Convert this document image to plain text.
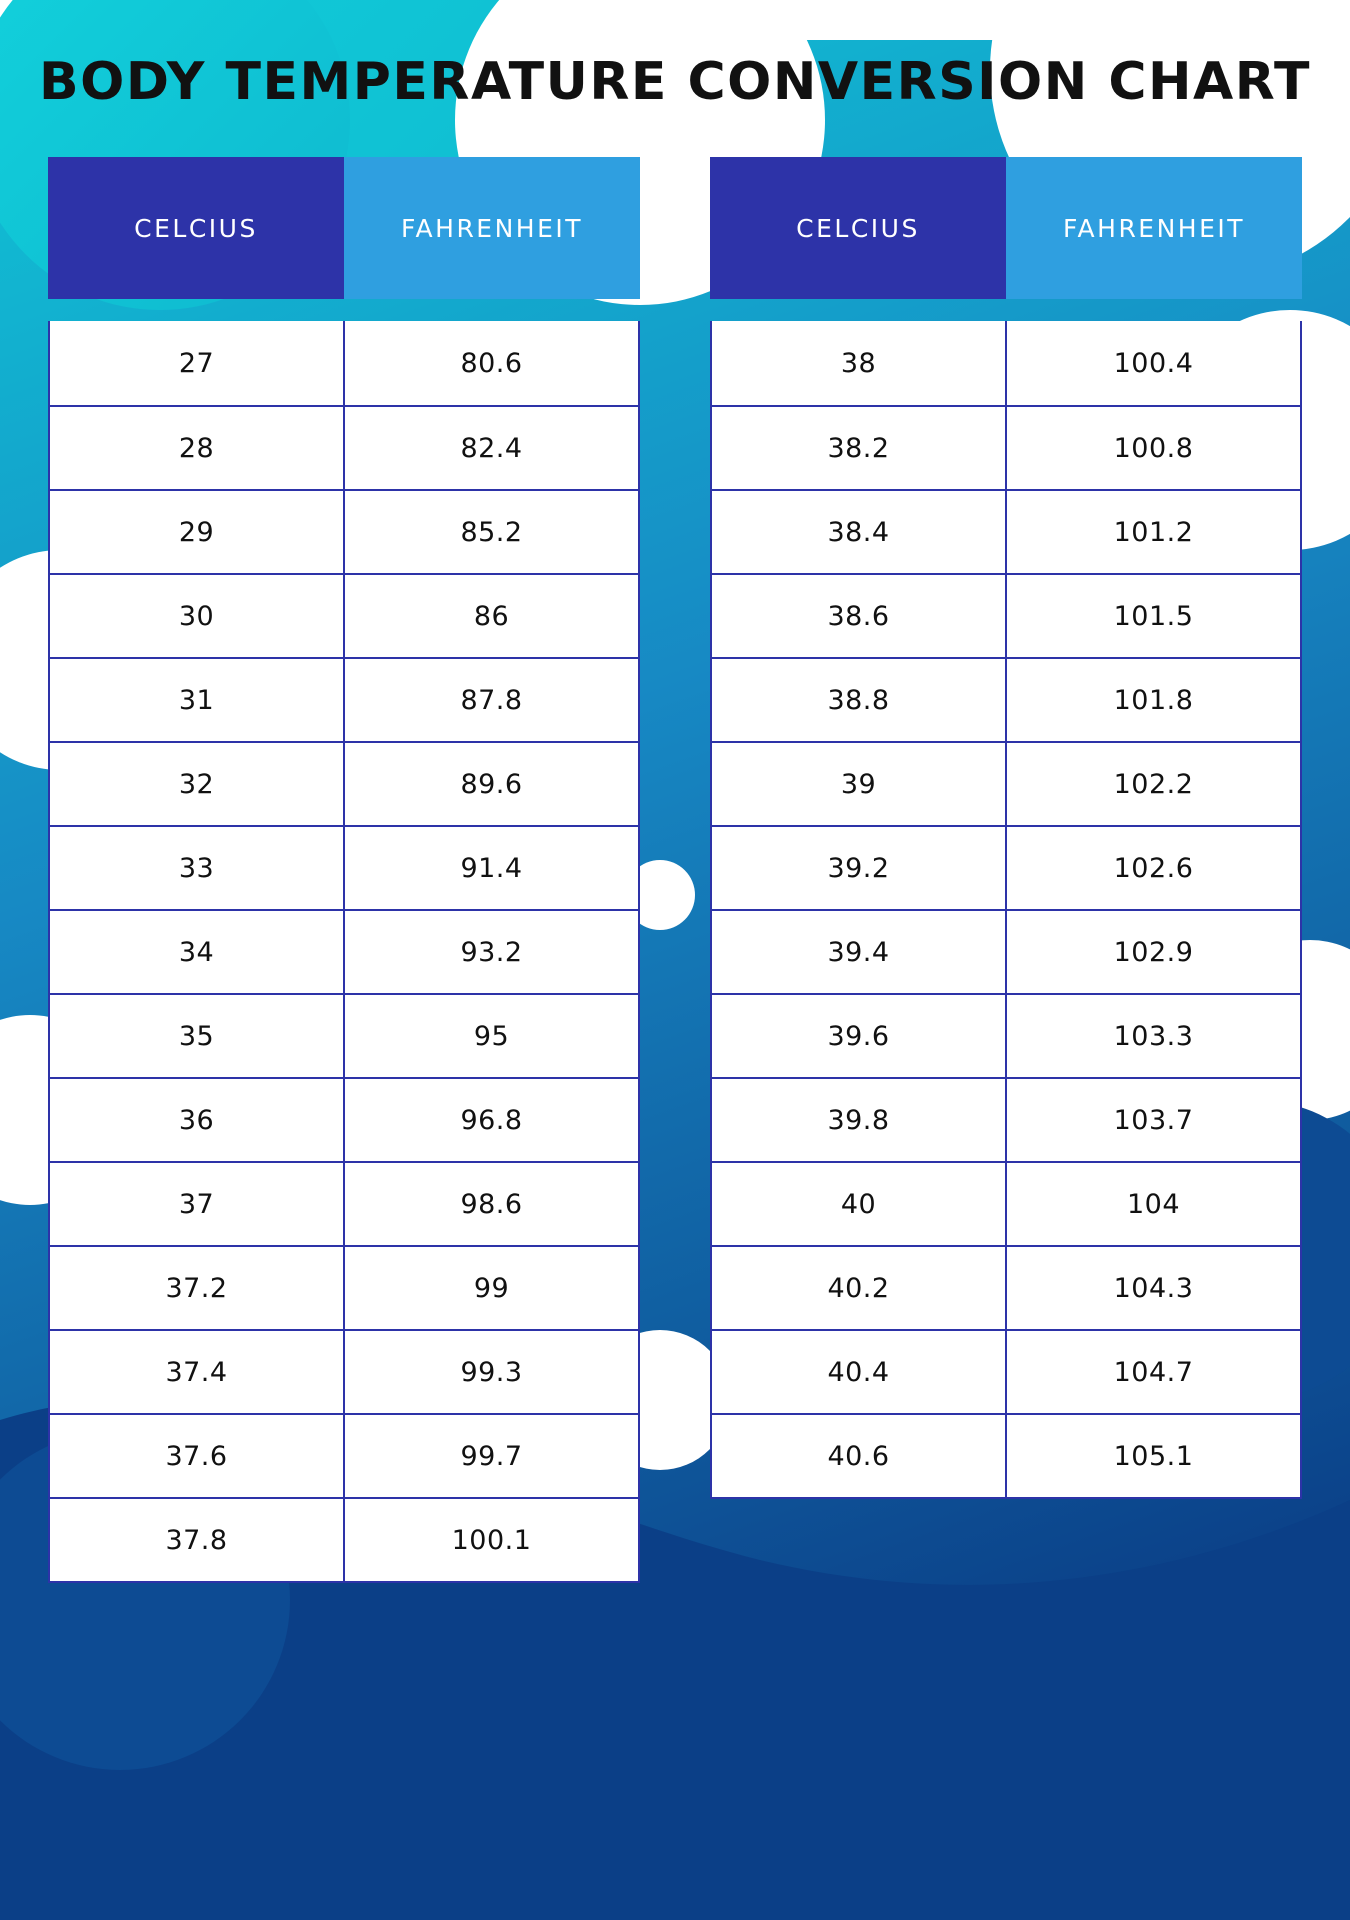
BODY TEMPERATURE CONVERSION CHART
CELCIUS	FAHRENHEIT
27	80.6
28	82.4
29	85.2
30	86
31	87.8
32	89.6
33	91.4
34	93.2
35	95
36	96.8
37	98.6
37.2	99
37.4	99.3
37.6	99.7
37.8	100.1
CELCIUS	FAHRENHEIT
38	100.4
38.2	100.8
38.4	101.2
38.6	101.5
38.8	101.8
39	102.2
39.2	102.6
39.4	102.9
39.6	103.3
39.8	103.7
40	104
40.2	104.3
40.4	104.7
40.6	105.1
